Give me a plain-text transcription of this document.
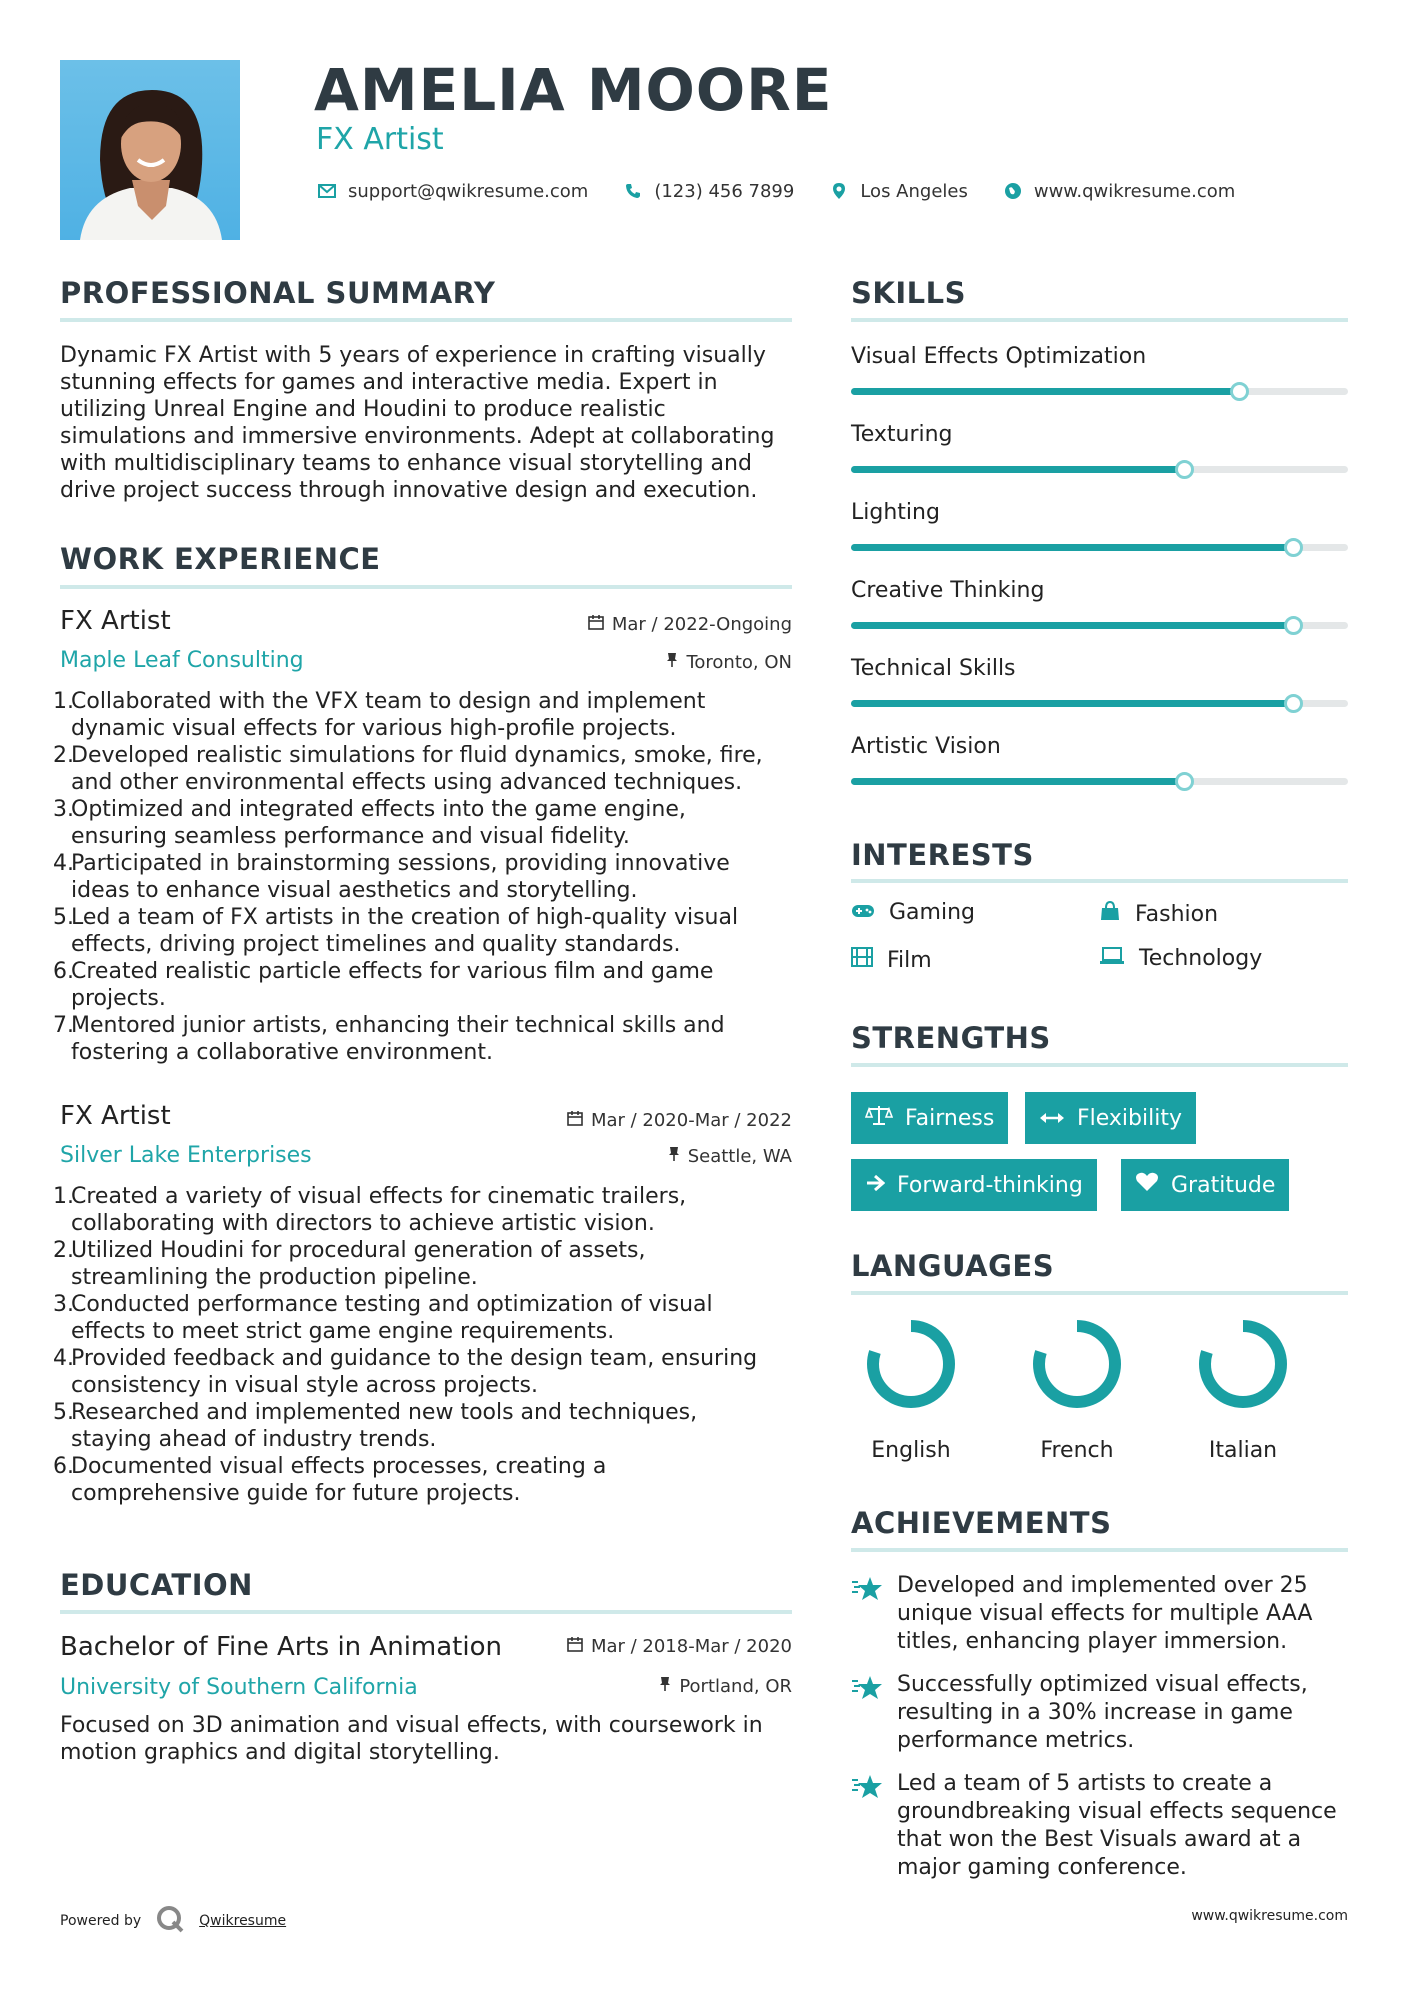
AMELIA MOORE
FX Artist
support@qwikresume.com	(123) 456 7899	Los Angeles	www.qwikresume.com
PROFESSIONAL SUMMARY
Dynamic FX Artist with 5 years of experience in crafting visually
stunning effects for games and interactive media. Expert in
utilizing Unreal Engine and Houdini to produce realistic
simulations and immersive environments. Adept at collaborating
with multidisciplinary teams to enhance visual storytelling and
drive project success through innovative design and execution.
WORK EXPERIENCE
FX Artist	Mar / 2022-Ongoing
Maple Leaf Consulting	Toronto, ON
1.
Collaborated with the VFX team to design and implement
dynamic visual effects for various high-profile projects.
2.
Developed realistic simulations for fluid dynamics, smoke, fire,
and other environmental effects using advanced techniques.
3.
Optimized and integrated effects into the game engine,
ensuring seamless performance and visual fidelity.
4.
Participated in brainstorming sessions, providing innovative
ideas to enhance visual aesthetics and storytelling.
5.
Led a team of FX artists in the creation of high-quality visual
effects, driving project timelines and quality standards.
6.
Created realistic particle effects for various film and game
projects.
7.
Mentored junior artists, enhancing their technical skills and
fostering a collaborative environment.
FX Artist	Mar / 2020-Mar / 2022
Silver Lake Enterprises	Seattle, WA
1.
Created a variety of visual effects for cinematic trailers,
collaborating with directors to achieve artistic vision.
2.
Utilized Houdini for procedural generation of assets,
streamlining the production pipeline.
3.
Conducted performance testing and optimization of visual
effects to meet strict game engine requirements.
4.
Provided feedback and guidance to the design team, ensuring
consistency in visual style across projects.
5.
Researched and implemented new tools and techniques,
staying ahead of industry trends.
6.
Documented visual effects processes, creating a
comprehensive guide for future projects.
EDUCATION
Bachelor of Fine Arts in Animation	Mar / 2018-Mar / 2020
University of Southern California	Portland, OR
Focused on 3D animation and visual effects, with coursework in
motion graphics and digital storytelling.
SKILLS
Visual Effects Optimization
Texturing
Lighting
Creative Thinking
Technical Skills
Artistic Vision
INTERESTS
Gaming	Fashion
Film	Technology
STRENGTHS
Fairness	Flexibility
Forward-thinking	Gratitude
LANGUAGES
English	French	Italian
ACHIEVEMENTS
Developed and implemented over 25
unique visual effects for multiple AAA
titles, enhancing player immersion.
Successfully optimized visual effects,
resulting in a 30% increase in game
performance metrics.
Led a team of 5 artists to create a
groundbreaking visual effects sequence
that won the Best Visuals award at a
major gaming conference.
Powered by	Qwikresume	www.qwikresume.com
